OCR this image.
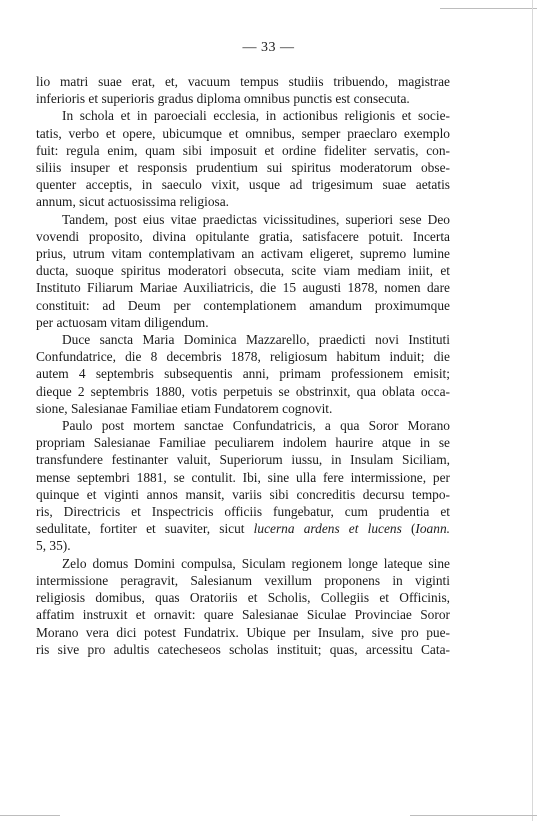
— 33 —

lio matri suae erat, et, vacuum tempus studiis tribuendo, magistrae
inferioris et superioris gradus diploma omnibus punctis est consecuta.

In schola et in paroeciali ecclesia, in actionibus religionis et socie-
tatis, verbo et opere, ubicumque et omnibus, semper praeclaro exemplo
fuit: regula enim, quam sibi imposuit et ordine fideliter servatis, con-
siliis insuper et responsis prudentium sui spiritus moderatorum obse-
quenter acceptis, in saeculo vixit, usque ad trigesimum suae aetatis
annum, sicut actuosissima religiosa.

Tandem, post eius vitae praedictas vicissitudines, superiori sese Deo
vovendi proposito, divina opitulante gratia, satisfacere potuit. Incerta
prius, utrum vitam contemplativam an activam eligeret, supremo lumine
ducta, suoque spiritus moderatori obsecuta, scite viam mediam iniit, et
Instituto Filiarum Mariae Auxiliatricis, die 15 augusti 1878, nomen dare
constituit: ad Deum per contemplationem amandum proximumque
per actuosam vitam diligendum.

Duce sancta Maria Dominica Mazzarello, praedicti novi Instituti
Confundatrice, die 8 decembris 1878, religiosum habitum induit; die
autem 4 septembris subsequentis anni, primam professionem emisit;
dieque 2 septembris 1880, votis perpetuis se obstrinxit, qua oblata occa-
sione, Salesianae Familiae etiam Fundatorem cognovit.

Paulo post mortem sanctae Confundatricis, a qua Soror Morano
propriam Salesianae Familiae peculiarem indolem haurire atque in se
transfundere festinanter valuit, Superiorum iussu, in Insulam Siciliam,
mense septembri 1881, se contulit. Ibi, sine ulla fere intermissione, per
quinque et viginti annos mansit, variis sibi concreditis decursu tempo-
ris, Directricis et Inspectricis officiis fungebatur, cum prudentia et
sedulitate, fortiter et suaviter, sicut lucerna ardens et lucens (Ioann.
5, 35).

Zelo domus Domini compulsa, Siculam regionem longe lateque sine
intermissione peragravit, Salesianum vexillum proponens in viginti
religiosis domibus, quas Oratoriis et Scholis, Collegiis et Officinis,
affatim instruxit et ornavit: quare Salesianae Siculae Provinciae Soror
Morano vera dici potest Fundatrix. Ubique per Insulam, sive pro pue-
ris sive pro adultis catecheseos scholas instituit; quas, arcessitu Cata-
